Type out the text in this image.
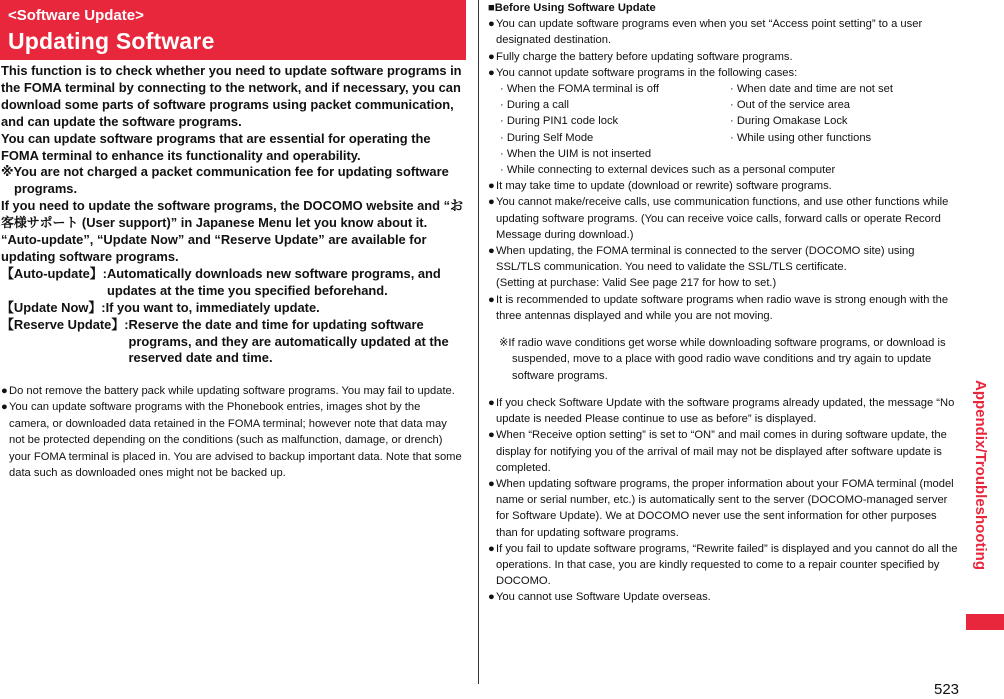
<Software Update>
Updating Software

This function is to check whether you need to update software programs in the FOMA terminal by connecting to the network, and if necessary, you can download some parts of software programs using packet communication, and can update the software programs.

You can update software programs that are essential for operating the FOMA terminal to enhance its functionality and operability.

※You are not charged a packet communication fee for updating software programs.

If you need to update the software programs, the DOCOMO website and “お客様サポート (User support)” in Japanese Menu let you know about it.

“Auto-update”, “Update Now” and “Reserve Update” are available for updating software programs.

【Auto-update】: Automatically downloads new software programs, and updates at the time you specified beforehand.
【Update Now】: If you want to, immediately update.
【Reserve Update】: Reserve the date and time for updating software programs, and they are automatically updated at the reserved date and time.

● Do not remove the battery pack while updating software programs. You may fail to update.

● You can update software programs with the Phonebook entries, images shot by the camera, or downloaded data retained in the FOMA terminal; however note that data may not be protected depending on the conditions (such as malfunction, damage, or drench) your FOMA terminal is placed in. You are advised to backup important data. Note that some data such as downloaded ones might not be backed up.

■Before Using Software Update

● You can update software programs even when you set “Access point setting” to a user designated destination.

● Fully charge the battery before updating software programs.

● You cannot update software programs in the following cases:

· When the FOMA terminal is off	· When date and time are not set
· During a call	· Out of the service area
· During PIN1 code lock	· During Omakase Lock
· During Self Mode	· While using other functions
· When the UIM is not inserted
· While connecting to external devices such as a personal computer

● It may take time to update (download or rewrite) software programs.

● You cannot make/receive calls, use communication functions, and use other functions while updating software programs. (You can receive voice calls, forward calls or operate Record Message during download.)

● When updating, the FOMA terminal is connected to the server (DOCOMO site) using SSL/TLS communication. You need to validate the SSL/TLS certificate.
(Setting at purchase: Valid See page 217 for how to set.)

● It is recommended to update software programs when radio wave is strong enough with the three antennas displayed and while you are not moving.

※If radio wave conditions get worse while downloading software programs, or download is suspended, move to a place with good radio wave conditions and try again to update software programs.

● If you check Software Update with the software programs already updated, the message “No update is needed Please continue to use as before” is displayed.

● When “Receive option setting” is set to “ON” and mail comes in during software update, the display for notifying you of the arrival of mail may not be displayed after software update is completed.

● When updating software programs, the proper information about your FOMA terminal (model name or serial number, etc.) is automatically sent to the server (DOCOMO-managed server for Software Update). We at DOCOMO never use the sent information for other purposes than for updating software programs.

● If you fail to update software programs, “Rewrite failed” is displayed and you cannot do all the operations. In that case, you are kindly requested to come to a repair counter specified by DOCOMO.

● You cannot use Software Update overseas.

Appendix/Troubleshooting
523
